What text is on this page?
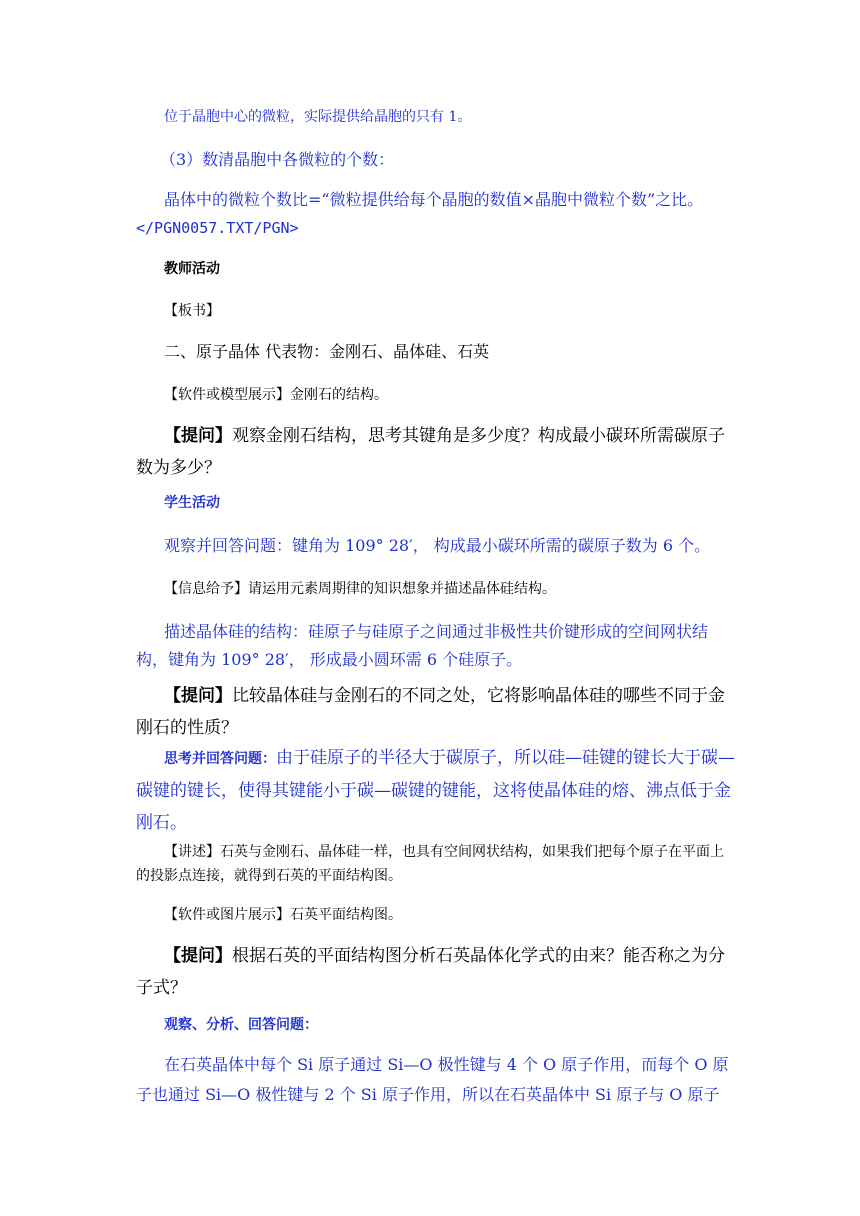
位于晶胞中心的微粒，实际提供给晶胞的只有 1。

（3）数清晶胞中各微粒的个数：

晶体中的微粒个数比=“微粒提供给每个晶胞的数值×晶胞中微粒个数”之比。
</PGN0057.TXT/PGN>

教师活动

【板书】

二、原子晶体 代表物：金刚石、晶体硅、石英

【软件或模型展示】金刚石的结构。

【提问】观察金刚石结构，思考其键角是多少度？构成最小碳环所需碳原子数为多少？

学生活动

观察并回答问题：键角为 109° 28′， 构成最小碳环所需的碳原子数为 6 个。

【信息给予】请运用元素周期律的知识想象并描述晶体硅结构。

描述晶体硅的结构：硅原子与硅原子之间通过非极性共价键形成的空间网状结构，键角为 109° 28′， 形成最小圆环需 6 个硅原子。

【提问】比较晶体硅与金刚石的不同之处，它将影响晶体硅的哪些不同于金刚石的性质？

思考并回答问题：由于硅原子的半径大于碳原子，所以硅—硅键的键长大于碳—碳键的键长，使得其键能小于碳—碳键的键能，这将使晶体硅的熔、沸点低于金刚石。

【讲述】石英与金刚石、晶体硅一样，也具有空间网状结构，如果我们把每个原子在平面上的投影点连接，就得到石英的平面结构图。

【软件或图片展示】石英平面结构图。

【提问】根据石英的平面结构图分析石英晶体化学式的由来？能否称之为分子式？

观察、分析、回答问题：

在石英晶体中每个 Si 原子通过 Si—O 极性键与 4 个 O 原子作用，而每个 O 原子也通过 Si—O 极性键与 2 个 Si 原子作用，所以在石英晶体中 Si 原子与 O 原子
